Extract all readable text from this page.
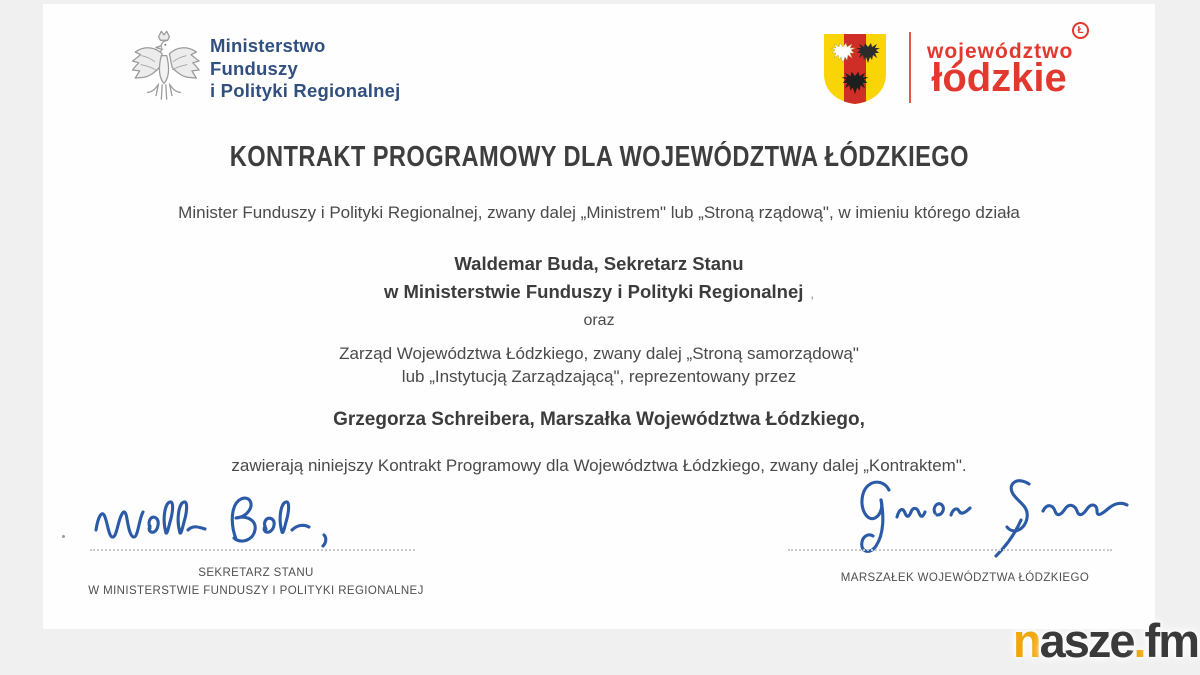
Ministerstwo
Funduszy
i Polityki Regionalnej
województwo
łódzkie
Ł
KONTRAKT PROGRAMOWY DLA WOJEWÓDZTWA ŁÓDZKIEGO
Minister Funduszy i Polityki Regionalnej, zwany dalej „Ministrem" lub „Stroną rządową", w imieniu którego działa
Waldemar Buda, Sekretarz Stanu
w Ministerstwie Funduszy i Polityki Regionalnej ,
oraz
Zarząd Województwa Łódzkiego, zwany dalej „Stroną samorządową"
lub „Instytucją Zarządzającą", reprezentowany przez
Grzegorza Schreibera, Marszałka Województwa Łódzkiego,
zawierają niniejszy Kontrakt Programowy dla Województwa Łódzkiego, zwany dalej „Kontraktem".
SEKRETARZ STANU
W MINISTERSTWIE FUNDUSZY I POLITYKI REGIONALNEJ
MARSZAŁEK WOJEWÓDZTWA ŁÓDZKIEGO
nasze.fm
